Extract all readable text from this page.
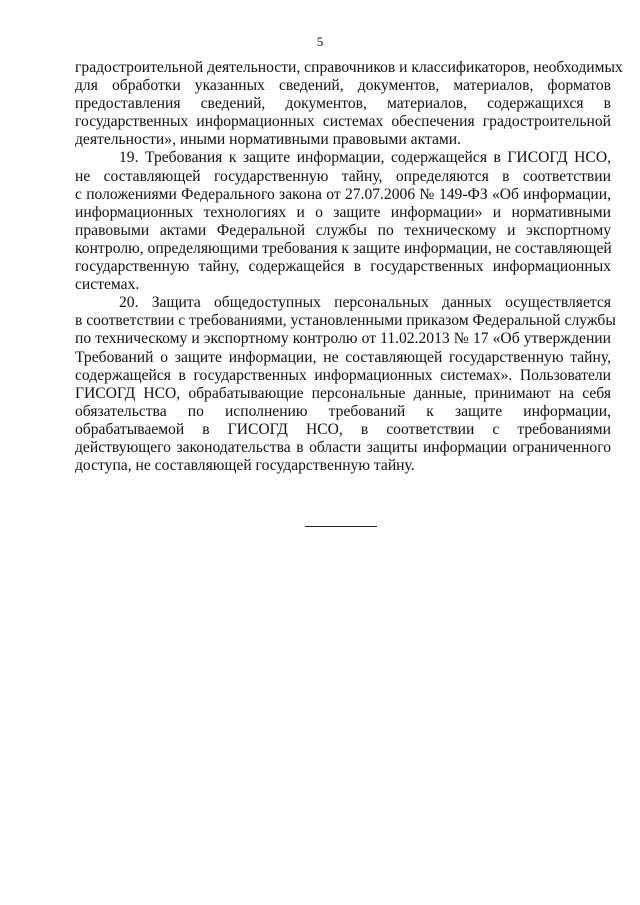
5
градостроительной деятельности, справочников и классификаторов, необходимых
для обработки указанных сведений, документов, материалов, форматов
предоставления сведений, документов, материалов, содержащихся в
государственных информационных системах обеспечения градостроительной
деятельности», иными нормативными правовыми актами.
19. Требования к защите информации, содержащейся в ГИСОГД НСО,
не составляющей государственную тайну, определяются в соответствии
с положениями Федерального закона от 27.07.2006 № 149-ФЗ «Об информации,
информационных технологиях и о защите информации» и нормативными
правовыми актами Федеральной службы по техническому и экспортному
контролю, определяющими требования к защите информации, не составляющей
государственную тайну, содержащейся в государственных информационных
системах.
20. Защита общедоступных персональных данных осуществляется
в соответствии с требованиями, установленными приказом Федеральной службы
по техническому и экспортному контролю от 11.02.2013 № 17 «Об утверждении
Требований о защите информации, не составляющей государственную тайну,
содержащейся в государственных информационных системах». Пользователи
ГИСОГД НСО, обрабатывающие персональные данные, принимают на себя
обязательства по исполнению требований к защите информации,
обрабатываемой в ГИСОГД НСО, в соответствии с требованиями
действующего законодательства в области защиты информации ограниченного
доступа, не составляющей государственную тайну.
